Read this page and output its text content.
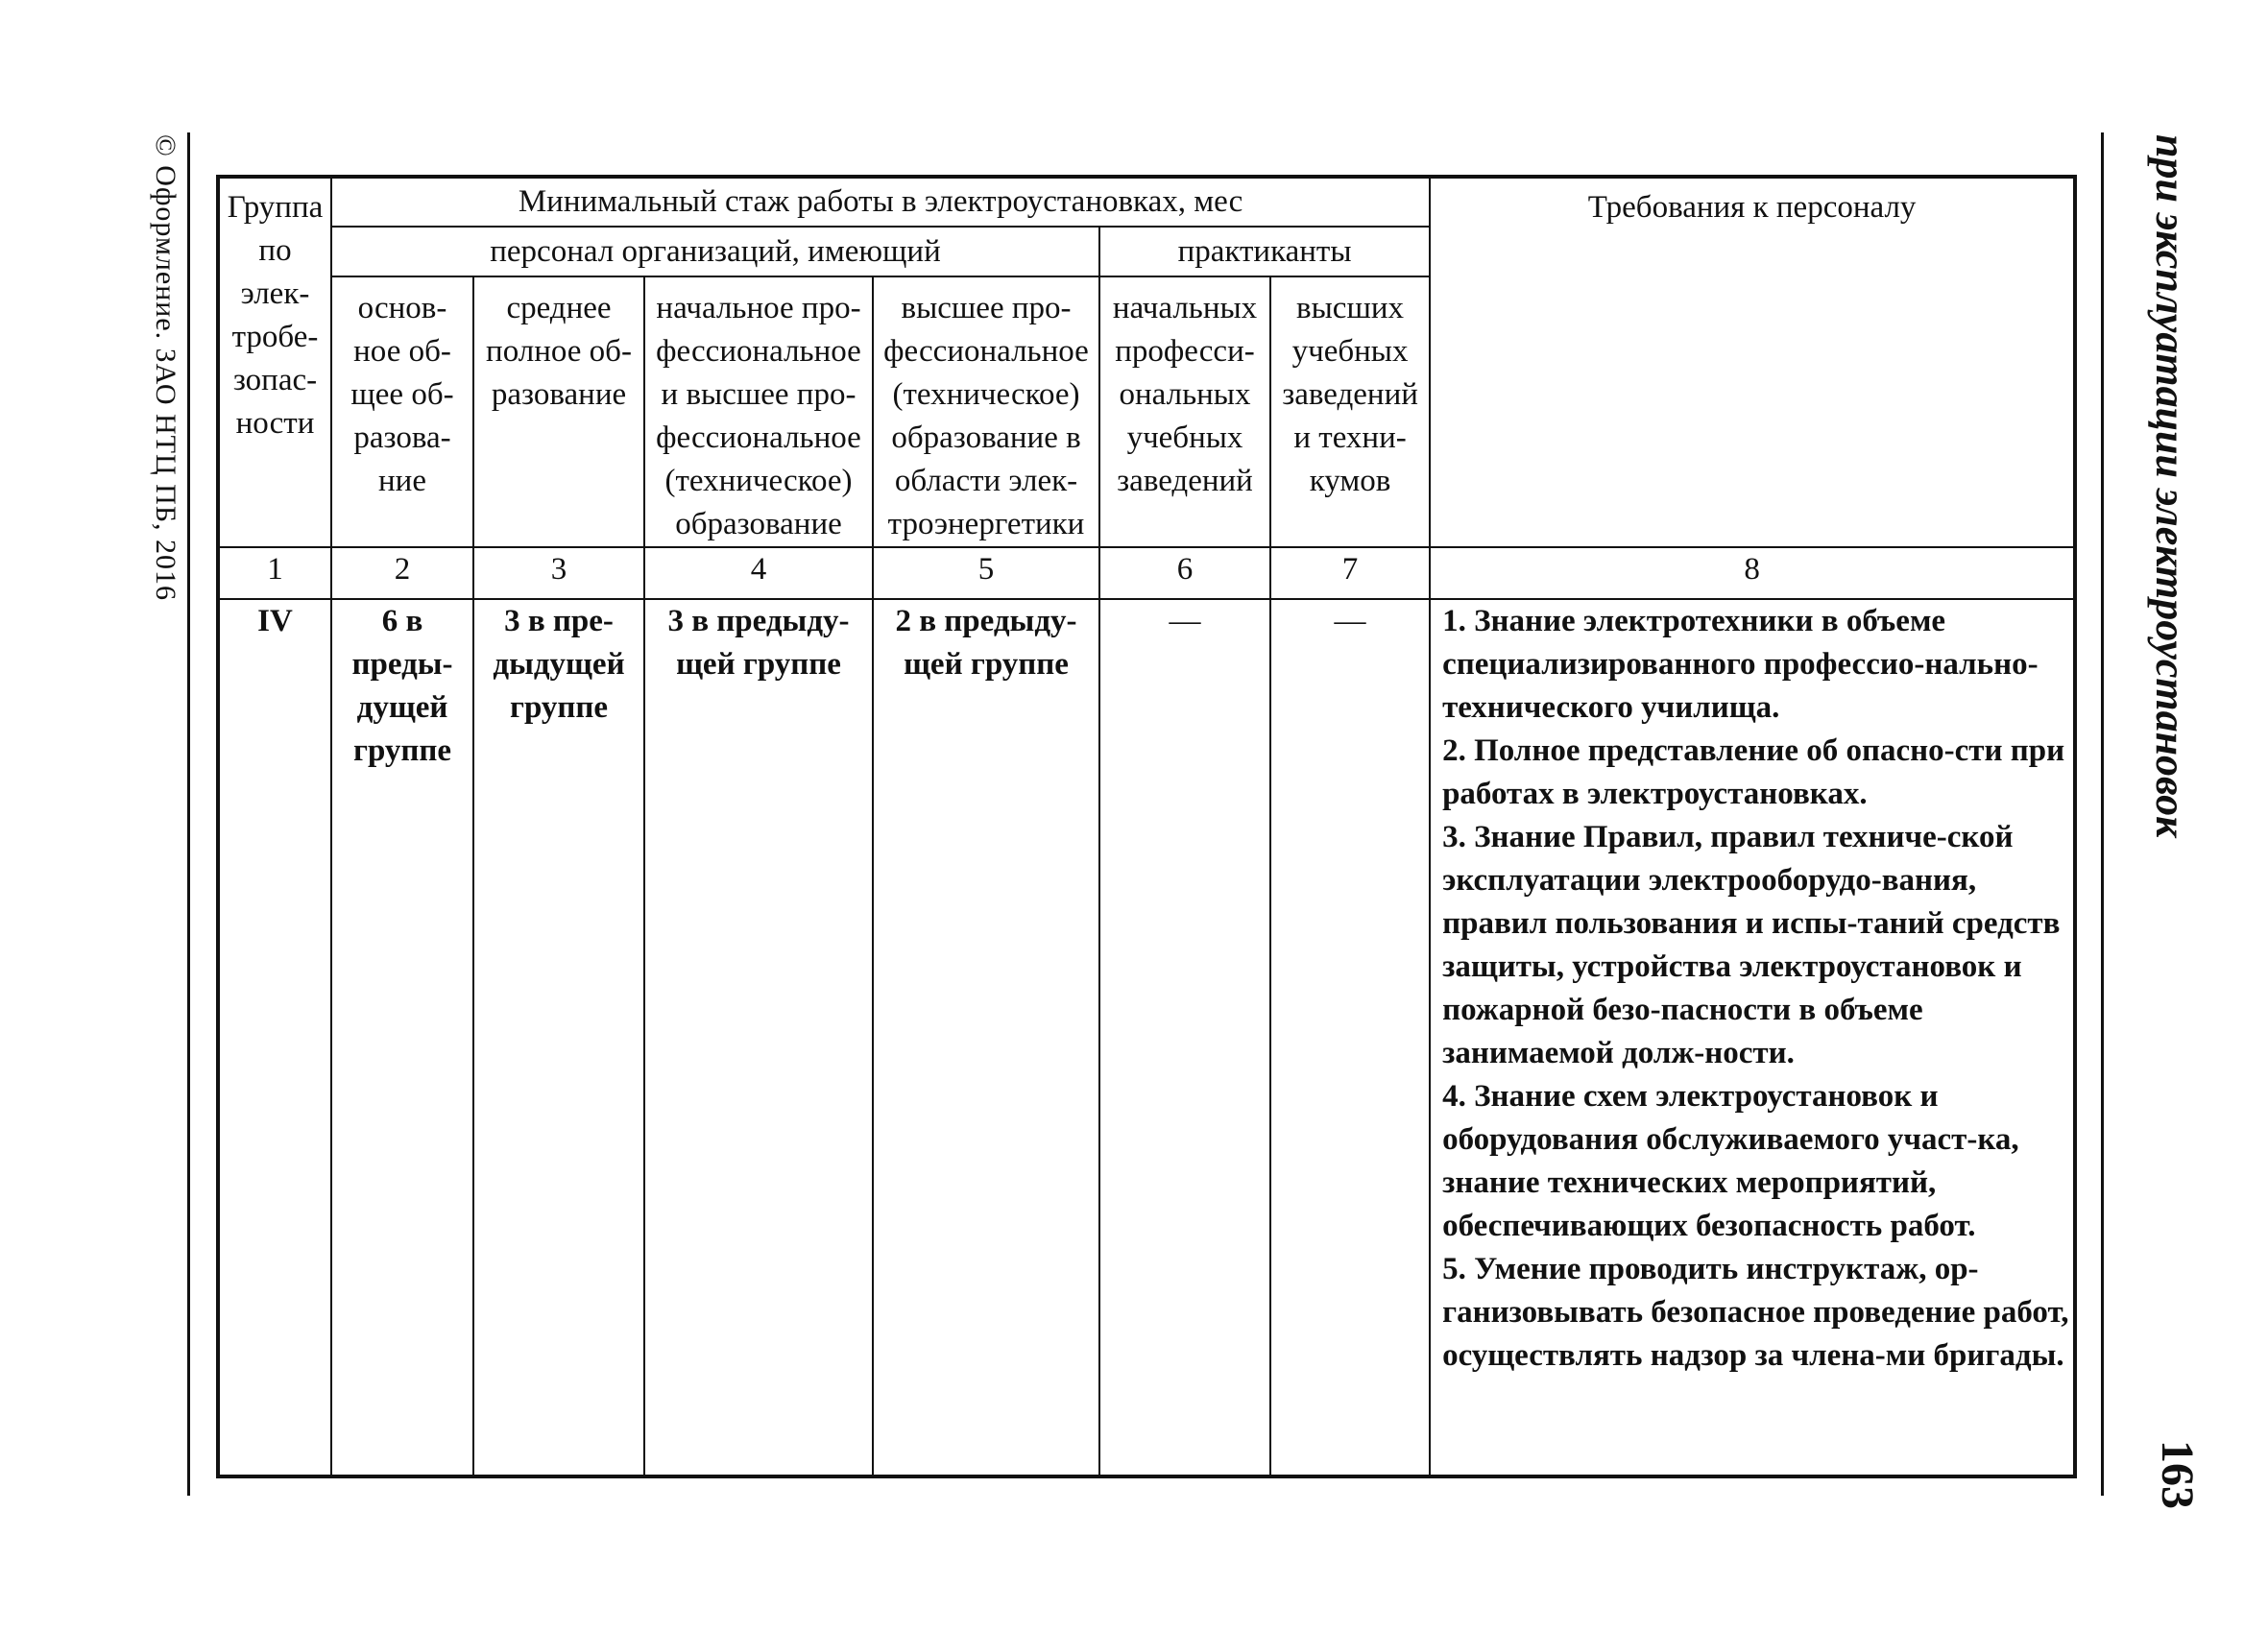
© Оформление. ЗАО НТЦ ПБ, 2016	при эксплуатации электроустановок
163
Группа по элек-тробе-зопас-ности	Минимальный стаж работы в электроустановках, мес						Требования к персоналу
	персонал организаций, имеющий				практиканты		
	основ-ное об-щее об-разова-ние	среднее полное об-разование	начальное про-фессиональное и высшее про-фессиональное (техническое) образование	высшее про-фессиональное (техническое) образование в области элек-троэнергетики	начальных професси-ональных учебных заведений	высших учебных заведений и техни-кумов	
1	2	3	4	5	6	7	8
IV	6 в преды-дущей группе	3 в пре-дыдущей группе	3 в предыду-щей группе	2 в предыду-щей группе	—	—	1. Знание электротехники в объеме специализированного профессио-нально-технического училища.
2. Полное представление об опасно-сти при работах в электроустановках.
3. Знание Правил, правил техниче-ской эксплуатации электрооборудо-вания, правил пользования и испы-таний средств защиты, устройства электроустановок и пожарной безо-пасности в объеме занимаемой долж-ности.
4. Знание схем электроустановок и оборудования обслуживаемого участ-ка, знание технических мероприятий, обеспечивающих безопасность работ.
5. Умение проводить инструктаж, ор-ганизовывать безопасное проведение работ, осуществлять надзор за члена-ми бригады.
